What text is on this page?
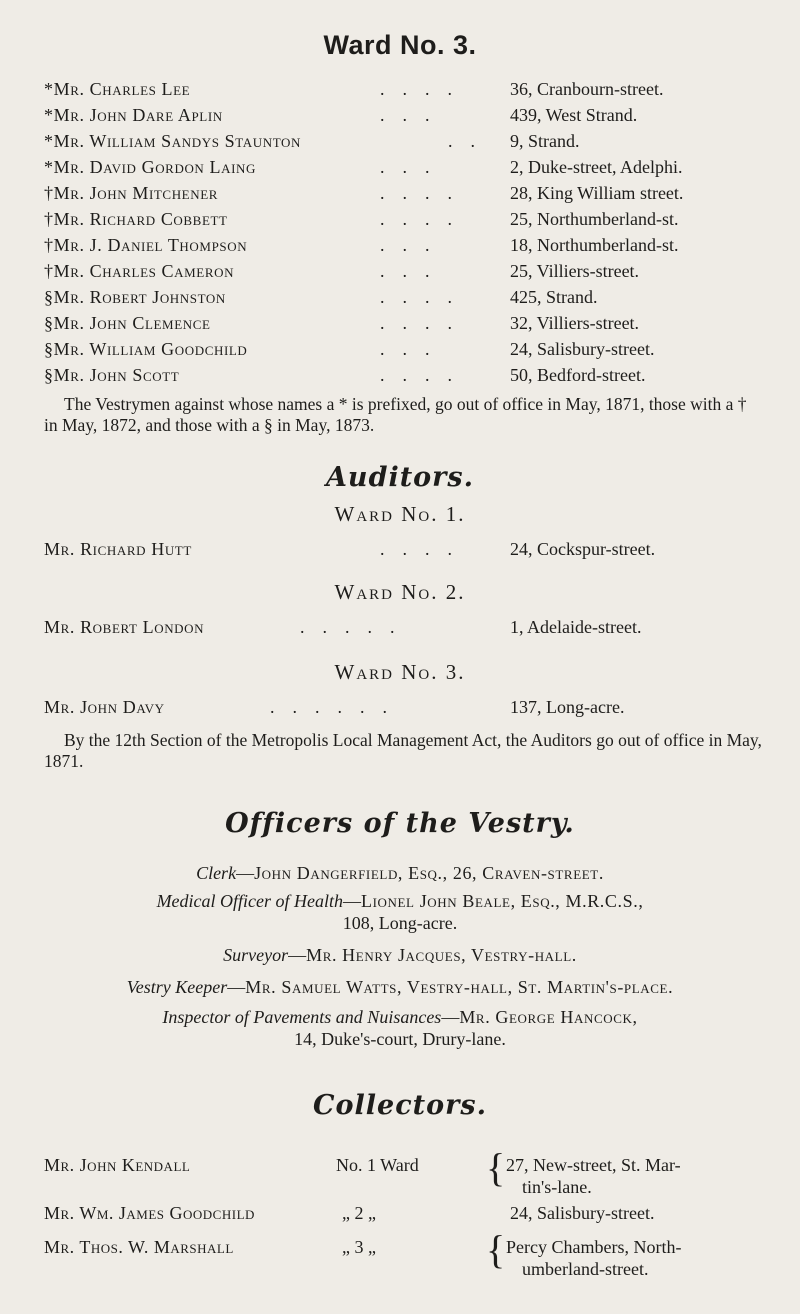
Ward No. 3.
*Mr. Charles Lee	....	36, Cranbourn-street.
*Mr. John Dare Aplin	...	439, West Strand.
*Mr. William Sandys Staunton	.. 9, Strand.
*Mr. David Gordon Laing	...	2, Duke-street, Adelphi.
†Mr. John Mitchener	....	28, King William street.
†Mr. Richard Cobbett	....	25, Northumberland-st.
†Mr. J. Daniel Thompson	...	18, Northumberland-st.
†Mr. Charles Cameron	...	25, Villiers-street.
§Mr. Robert Johnston	....	425, Strand.
§Mr. John Clemence	....	32, Villiers-street.
§Mr. William Goodchild	...	24, Salisbury-street.
§Mr. John Scott	....	50, Bedford-street.
The Vestrymen against whose names a * is prefixed, go out of office in May, 1871, those with a † in May, 1872, and those with a § in May, 1873.
Auditors.
Ward No. 1.
Mr. Richard Hutt	....	24, Cockspur-street.
Ward No. 2.
Mr. Robert London	.....	1, Adelaide-street.
Ward No. 3.
Mr. John Davy	......	137, Long-acre.
By the 12th Section of the Metropolis Local Management Act, the Auditors go out of office in May, 1871.
Officers of the Vestry.
Clerk—John Dangerfield, Esq., 26, Craven-street.
Medical Officer of Health—Lionel John Beale, Esq., M.R.C.S.,
108, Long-acre.
Surveyor—Mr. Henry Jacques, Vestry-hall.
Vestry Keeper—Mr. Samuel Watts, Vestry-hall, St. Martin's-place.
Inspector of Pavements and Nuisances—Mr. George Hancock,
14, Duke's-court, Drury-lane.
Collectors.
Mr. John Kendall	No. 1 Ward { 27, New-street, St. Mar-
tin's-lane.
Mr. Wm. James Goodchild	„ 2 „	24, Salisbury-street.
Mr. Thos. W. Marshall	„ 3 „	{ Percy Chambers, North-
umberland-street.
